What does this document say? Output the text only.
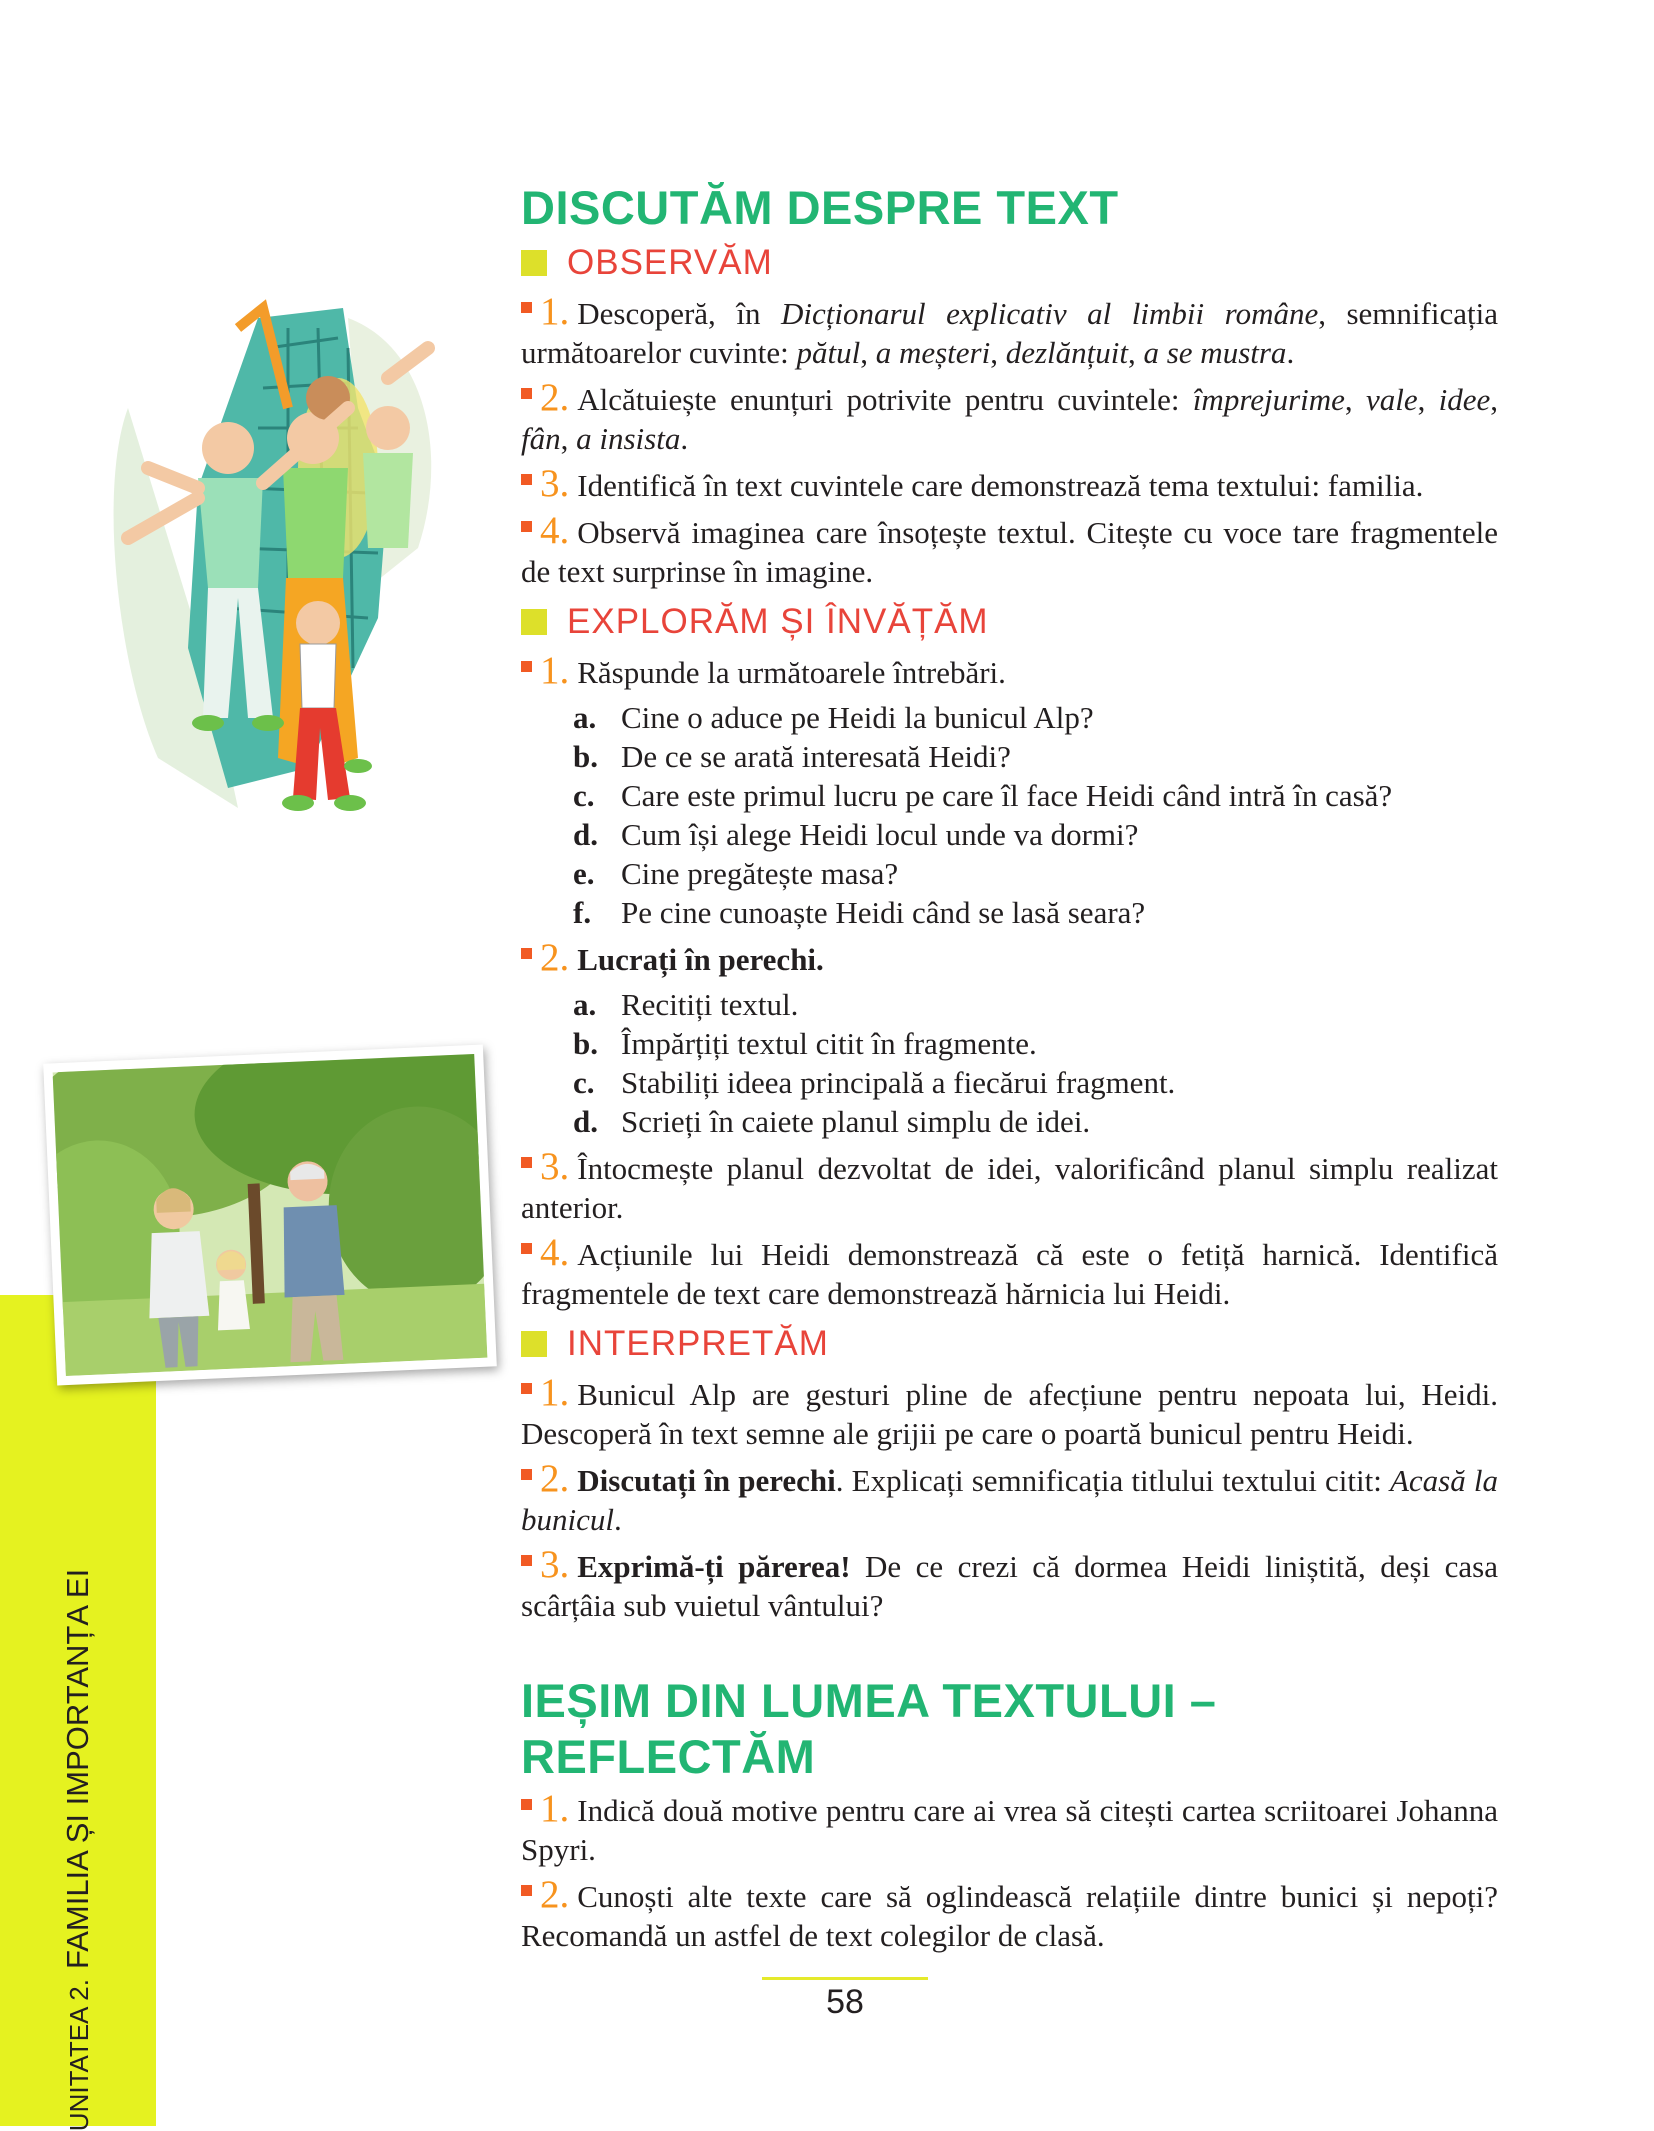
UNITATEA 2.FAMILIA ȘI IMPORTANȚA EI
DISCUTĂM DESPRE TEXT
OBSERVĂM
1. Descoperă, în Dicționarul explicativ al limbii române, semnificația următoarelor cuvinte: pătul, a meșteri, dezlănțuit, a se mustra.
2. Alcătuiește enunțuri potrivite pentru cuvintele: împrejurime, vale, idee, fân, a insista.
3. Identifică în text cuvintele care demonstrează tema textului: familia.
4. Observă imaginea care însoțește textul. Citește cu voce tare fragmentele de text surprinse în imagine.
EXPLORĂM ȘI ÎNVĂȚĂM
1. Răspunde la următoarele întrebări.
a. Cine o aduce pe Heidi la bunicul Alp?
b. De ce se arată interesată Heidi?
c. Care este primul lucru pe care îl face Heidi când intră în casă?
d. Cum își alege Heidi locul unde va dormi?
e. Cine pregătește masa?
f. Pe cine cunoaște Heidi când se lasă seara?
2. Lucrați în perechi.
a. Recitiți textul.
b. Împărțiți textul citit în fragmente.
c. Stabiliți ideea principală a fiecărui fragment.
d. Scrieți în caiete planul simplu de idei.
3. Întocmește planul dezvoltat de idei, valorificând planul simplu realizat anterior.
4. Acțiunile lui Heidi demonstrează că este o fetiță harnică. Identifică fragmentele de text care demonstrează hărnicia lui Heidi.
INTERPRETĂM
1. Bunicul Alp are gesturi pline de afecțiune pentru nepoata lui, Heidi. Descoperă în text semne ale grijii pe care o poartă bunicul pentru Heidi.
2. Discutați în perechi. Explicați semnificația titlului textului citit: Acasă la bunicul.
3. Exprimă-ți părerea! De ce crezi că dormea Heidi liniștită, deși casa scârțâia sub vuietul vântului?
IEȘIM DIN LUMEA TEXTULUI – REFLECTĂM
1. Indică două motive pentru care ai vrea să citești cartea scriitoarei Johanna Spyri.
2. Cunoști alte texte care să oglindească relațiile dintre bunici și nepoți? Recomandă un astfel de text colegilor de clasă.
58
